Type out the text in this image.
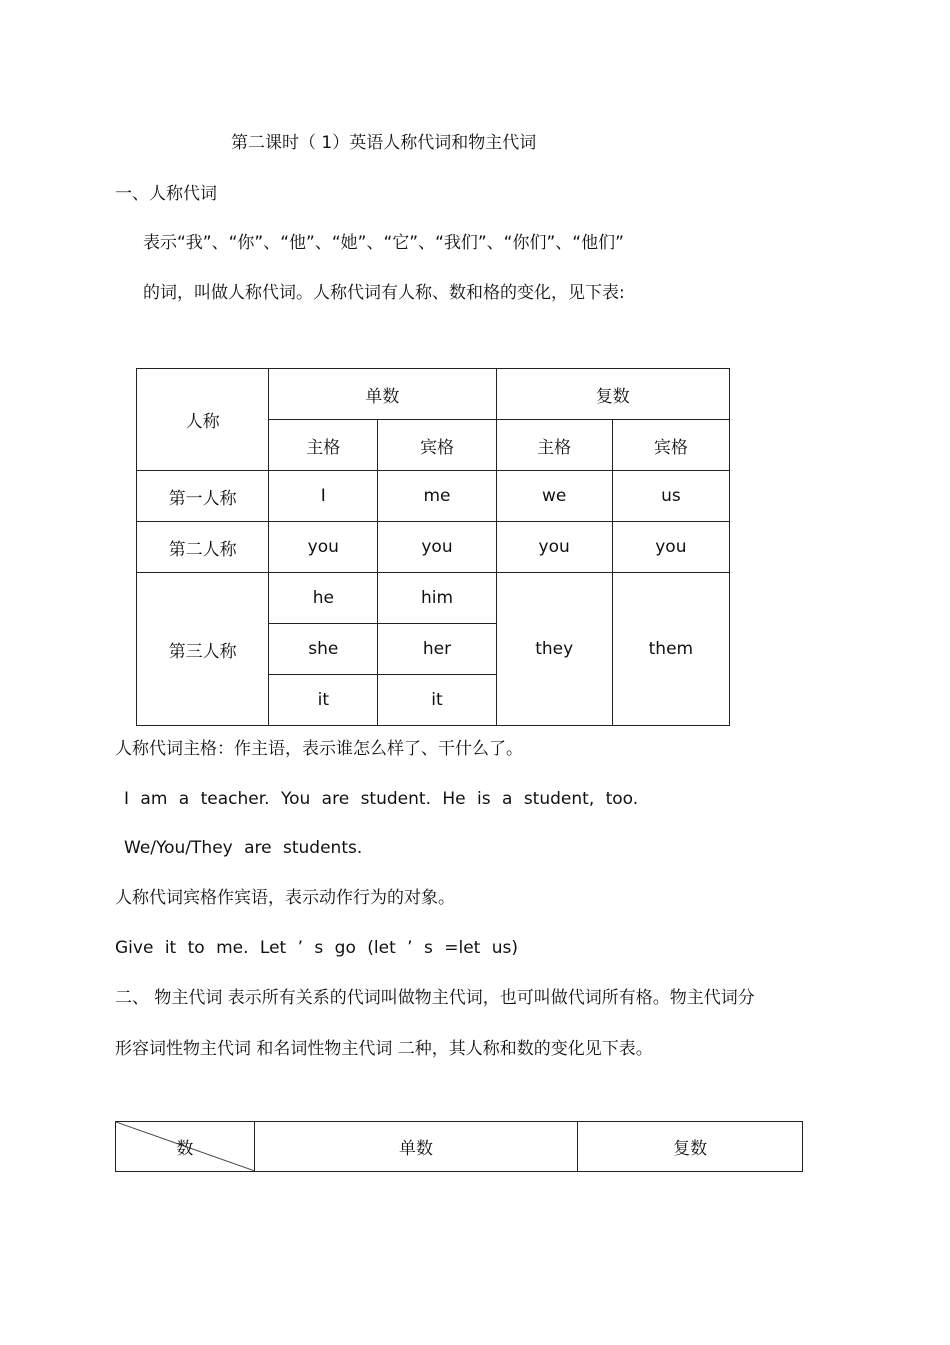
第二课时（ 1）英语人称代词和物主代词
一、人称代词
表示“我”、“你”、“他”、“她”、“它”、“我们”、“你们”、“他们”
的词，叫做人称代词。人称代词有人称、数和格的变化，见下表:
人称	单数		复数	
	主格	宾格	主格	宾格
第一人称	I	me	we	us
第二人称	you	you	you	you
第三人称	he	him	they	them
	she	her		
	it	it		
人称代词主格：作主语，表示谁怎么样了、干什么了。
I am a teacher. You are student. He is a student, too.
We/You/They are students.
人称代词宾格作宾语，表示动作行为的对象。
Give it to me. Let ’ s go (let ’ s =let us)
二、 物主代词 表示所有关系的代词叫做物主代词，也可叫做代词所有格。物主代词分
形容词性物主代词 和名词性物主代词 二种，其人称和数的变化见下表。
数	单数	复数
